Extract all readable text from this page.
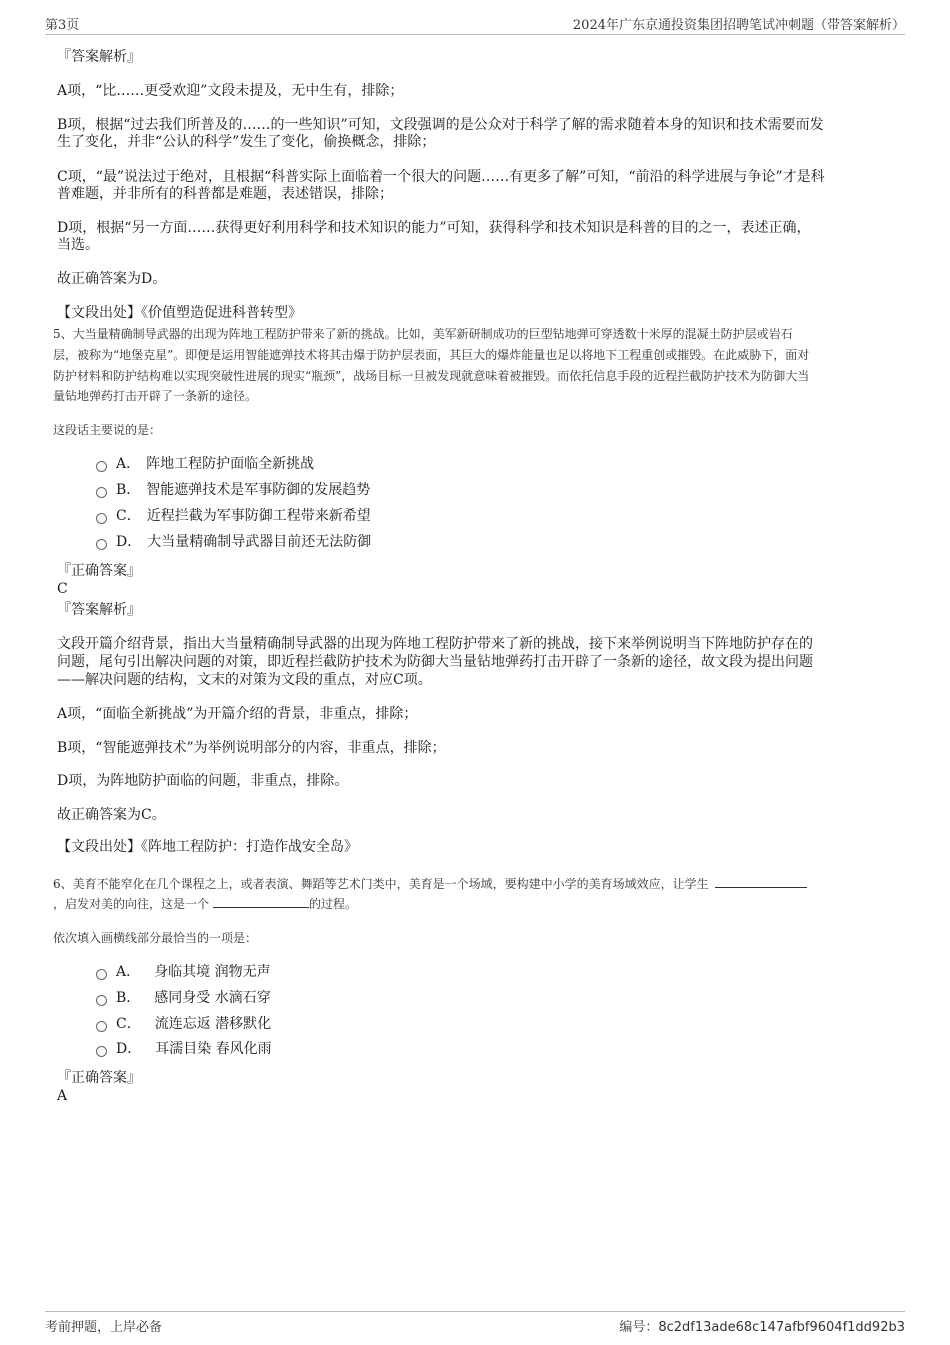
第3页	2024年广东京通投资集团招聘笔试冲刺题（带答案解析）
『答案解析』
A项，“比……更受欢迎”文段未提及，无中生有，排除；
B项，根据“过去我们所普及的……的一些知识”可知，文段强调的是公众对于科学了解的需求随着本身的知识和技术需要而发
生了变化，并非“公认的科学”发生了变化，偷换概念，排除；
C项，“最”说法过于绝对，且根据“科普实际上面临着一个很大的问题……有更多了解”可知，“前沿的科学进展与争论”才是科
普难题，并非所有的科普都是难题，表述错误，排除；
D项，根据“另一方面……获得更好利用科学和技术知识的能力”可知，获得科学和技术知识是科普的目的之一，表述正确，
当选。
故正确答案为D。
【文段出处】《价值塑造促进科普转型》
5、大当量精确制导武器的出现为阵地工程防护带来了新的挑战。比如，美军新研制成功的巨型钻地弹可穿透数十米厚的混凝土防护层或岩石
层，被称为“地堡克星”。即便是运用智能遮弹技术将其击爆于防护层表面，其巨大的爆炸能量也足以将地下工程重创或摧毁。在此威胁下，面对
防护材料和防护结构难以实现突破性进展的现实“瓶颈”，战场目标一旦被发现就意味着被摧毁。而依托信息手段的近程拦截防护技术为防御大当
量钻地弹药打击开辟了一条新的途径。
这段话主要说的是：
A． 阵地工程防护面临全新挑战
B． 智能遮弹技术是军事防御的发展趋势
C． 近程拦截为军事防御工程带来新希望
D． 大当量精确制导武器目前还无法防御
『正确答案』
C
『答案解析』
文段开篇介绍背景，指出大当量精确制导武器的出现为阵地工程防护带来了新的挑战，接下来举例说明当下阵地防护存在的
问题，尾句引出解决问题的对策，即近程拦截防护技术为防御大当量钻地弹药打击开辟了一条新的途径，故文段为提出问题
——解决问题的结构，文末的对策为文段的重点，对应C项。
A项，“面临全新挑战”为开篇介绍的背景，非重点，排除；
B项，“智能遮弹技术”为举例说明部分的内容，非重点，排除；
D项，为阵地防护面临的问题，非重点，排除。
故正确答案为C。
【文段出处】《阵地工程防护：打造作战安全岛》
6、美育不能窄化在几个课程之上，或者表演、舞蹈等艺术门类中，美育是一个场域，要构建中小学的美育场域效应，让学生
，启发对美的向往，这是一个	的过程。
依次填入画横线部分最恰当的一项是：
A． 身临其境 润物无声
B． 感同身受 水滴石穿
C． 流连忘返 潜移默化
D． 耳濡目染 春风化雨
『正确答案』
A
考前押题，上岸必备	编号：8c2df13ade68c147afbf9604f1dd92b3
